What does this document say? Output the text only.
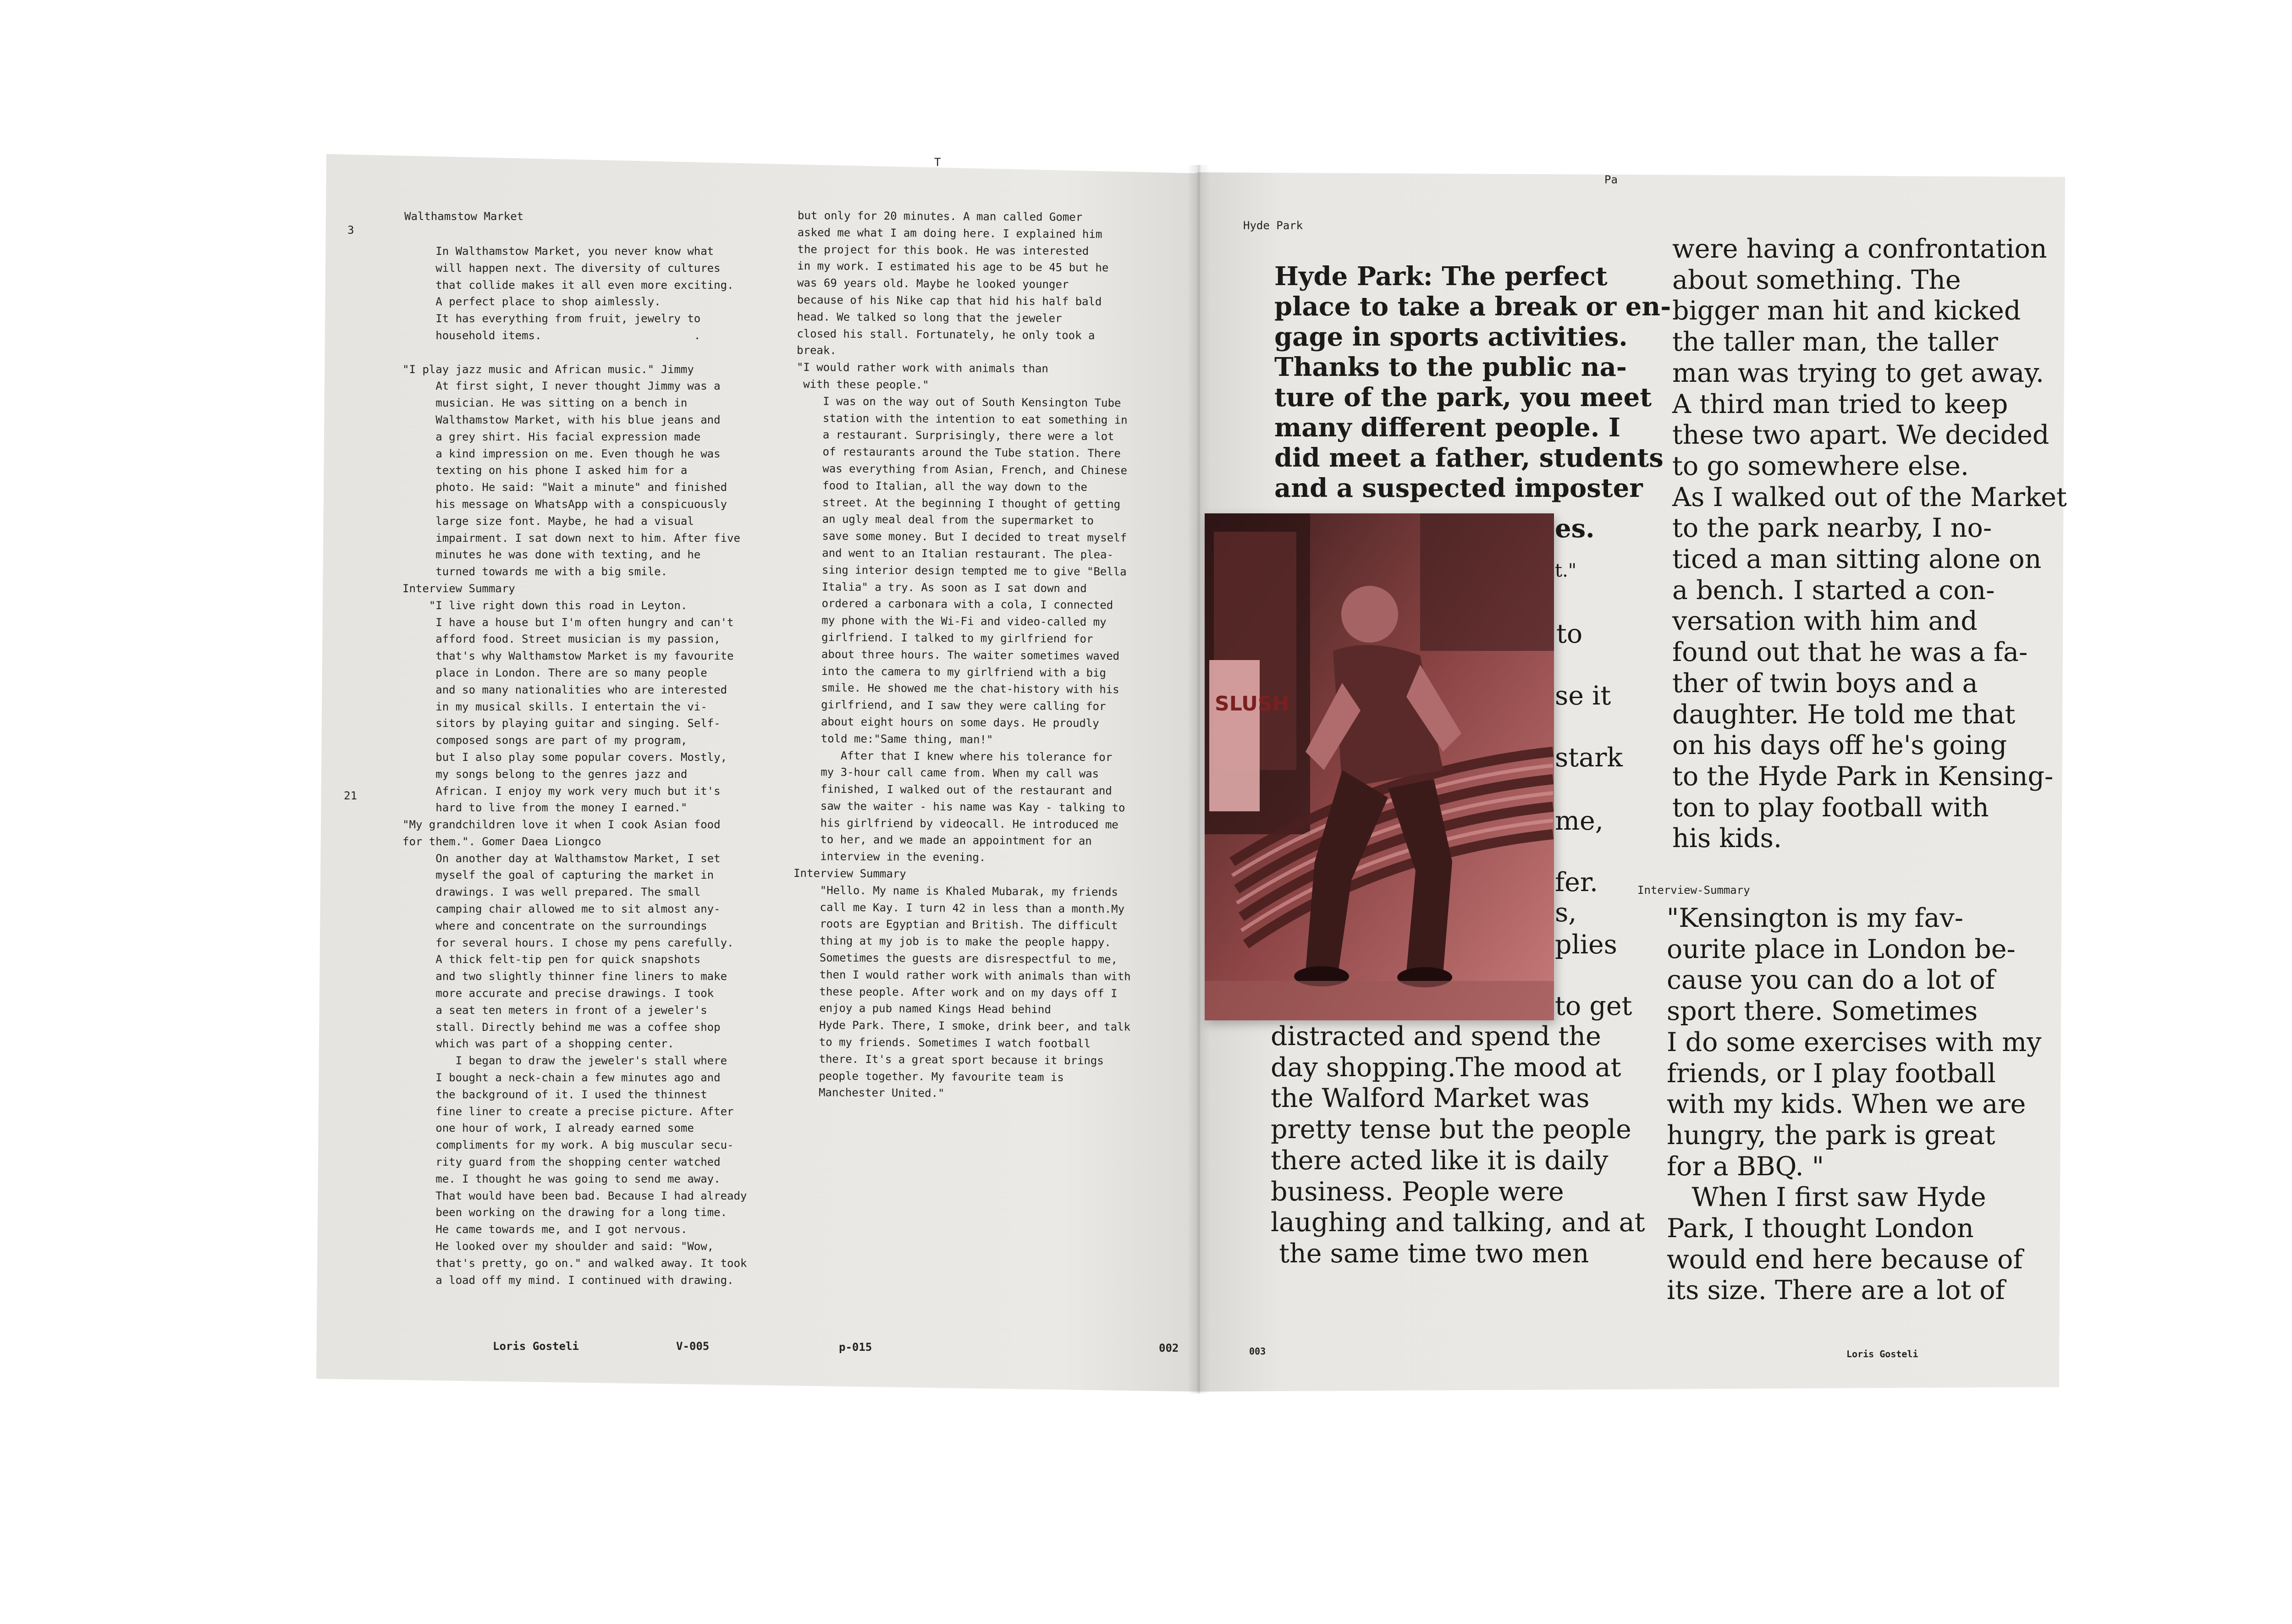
T
Walthamstow Market
3
21
In Walthamstow Market, you never know what
will happen next. The diversity of cultures
that collide makes it all even more exciting.
A perfect place to shop aimlessly.
It has everything from fruit, jewelry to
household items.                       .

"I play jazz music and African music." Jimmy
At first sight, I never thought Jimmy was a
musician. He was sitting on a bench in
Walthamstow Market, with his blue jeans and
a grey shirt. His facial expression made
a kind impression on me. Even though he was
texting on his phone I asked him for a
photo. He said: "Wait a minute" and finished
his message on WhatsApp with a conspicuously
large size font. Maybe, he had a visual
impairment. I sat down next to him. After five
minutes he was done with texting, and he
turned towards me with a big smile.
Interview Summary
"I live right down this road in Leyton.
I have a house but I'm often hungry and can't
afford food. Street musician is my passion,
that's why Walthamstow Market is my favourite
place in London. There are so many people
and so many nationalities who are interested
in my musical skills. I entertain the vi-
sitors by playing guitar and singing. Self-
composed songs are part of my program,
but I also play some popular covers. Mostly,
my songs belong to the genres jazz and
African. I enjoy my work very much but it's
hard to live from the money I earned."
"My grandchildren love it when I cook Asian food
for them.". Gomer Daea Liongco
On another day at Walthamstow Market, I set
myself the goal of capturing the market in
drawings. I was well prepared. The small
camping chair allowed me to sit almost any-
where and concentrate on the surroundings
for several hours. I chose my pens carefully.
A thick felt-tip pen for quick snapshots
and two slightly thinner fine liners to make
more accurate and precise drawings. I took
a seat ten meters in front of a jeweler's
stall. Directly behind me was a coffee shop
which was part of a shopping center.
I began to draw the jeweler's stall where
I bought a neck-chain a few minutes ago and
the background of it. I used the thinnest
fine liner to create a precise picture. After
one hour of work, I already earned some
compliments for my work. A big muscular secu-
rity guard from the shopping center watched
me. I thought he was going to send me away.
That would have been bad. Because I had already
been working on the drawing for a long time.
He came towards me, and I got nervous.
He looked over my shoulder and said: "Wow,
that's pretty, go on." and walked away. It took
a load off my mind. I continued with drawing.
but only for 20 minutes. A man called Gomer
asked me what I am doing here. I explained him
the project for this book. He was interested
in my work. I estimated his age to be 45 but he
was 69 years old. Maybe he looked younger
because of his Nike cap that hid his half bald
head. We talked so long that the jeweler
closed his stall. Fortunately, he only took a
break.
"I would rather work with animals than
with these people."
I was on the way out of South Kensington Tube
station with the intention to eat something in
a restaurant. Surprisingly, there were a lot
of restaurants around the Tube station. There
was everything from Asian, French, and Chinese
food to Italian, all the way down to the
street. At the beginning I thought of getting
an ugly meal deal from the supermarket to
save some money. But I decided to treat myself
and went to an Italian restaurant. The plea-
sing interior design tempted me to give "Bella
Italia" a try. As soon as I sat down and
ordered a carbonara with a cola, I connected
my phone with the Wi-Fi and video-called my
girlfriend. I talked to my girlfriend for
about three hours. The waiter sometimes waved
into the camera to my girlfriend with a big
smile. He showed me the chat-history with his
girlfriend, and I saw they were calling for
about eight hours on some days. He proudly
told me:"Same thing, man!"
After that I knew where his tolerance for
my 3-hour call came from. When my call was
finished, I walked out of the restaurant and
saw the waiter - his name was Kay - talking to
his girlfriend by videocall. He introduced me
to her, and we made an appointment for an
interview in the evening.
Interview Summary
"Hello. My name is Khaled Mubarak, my friends
call me Kay. I turn 42 in less than a month.My
roots are Egyptian and British. The difficult
thing at my job is to make the people happy.
Sometimes the guests are disrespectful to me,
then I would rather work with animals than with
these people. After work and on my days off I
enjoy a pub named Kings Head behind
Hyde Park. There, I smoke, drink beer, and talk
to my friends. Sometimes I watch football
there. It's a great sport because it brings
people together. My favourite team is
Manchester United."
Loris Gosteli	V-005	p-015	002
Pa
Hyde Park
Hyde Park: The perfect
place to take a break or en-
gage in sports activities.
Thanks to the public na-
ture of the park, you meet
many different people. I
did meet a father, students
and a suspected imposter
es.
t."
to
se it
stark
me,
fer.
s,
plies
to get
distracted and spend the
day shopping.The mood at
the Walford Market was
pretty tense but the people
there acted like it is daily
business. People were
laughing and talking, and at
the same time two men
were having a confrontation
about something. The
bigger man hit and kicked
the taller man, the taller
man was trying to get away.
A third man tried to keep
these two apart. We decided
to go somewhere else.
As I walked out of the Market
to the park nearby, I no-
ticed a man sitting alone on
a bench. I started a con-
versation with him and
found out that he was a fa-
ther of twin boys and a
daughter. He told me that
on his days off he's going
to the Hyde Park in Kensing-
ton to play football with
his kids.
Interview-Summary
"Kensington is my fav-
ourite place in London be-
cause you can do a lot of
sport there. Sometimes
I do some exercises with my
friends, or I play football
with my kids. When we are
hungry, the park is great
for a BBQ. "
When I first saw Hyde
Park, I thought London
would end here because of
its size. There are a lot of
003	Loris Gosteli
SLUSH
